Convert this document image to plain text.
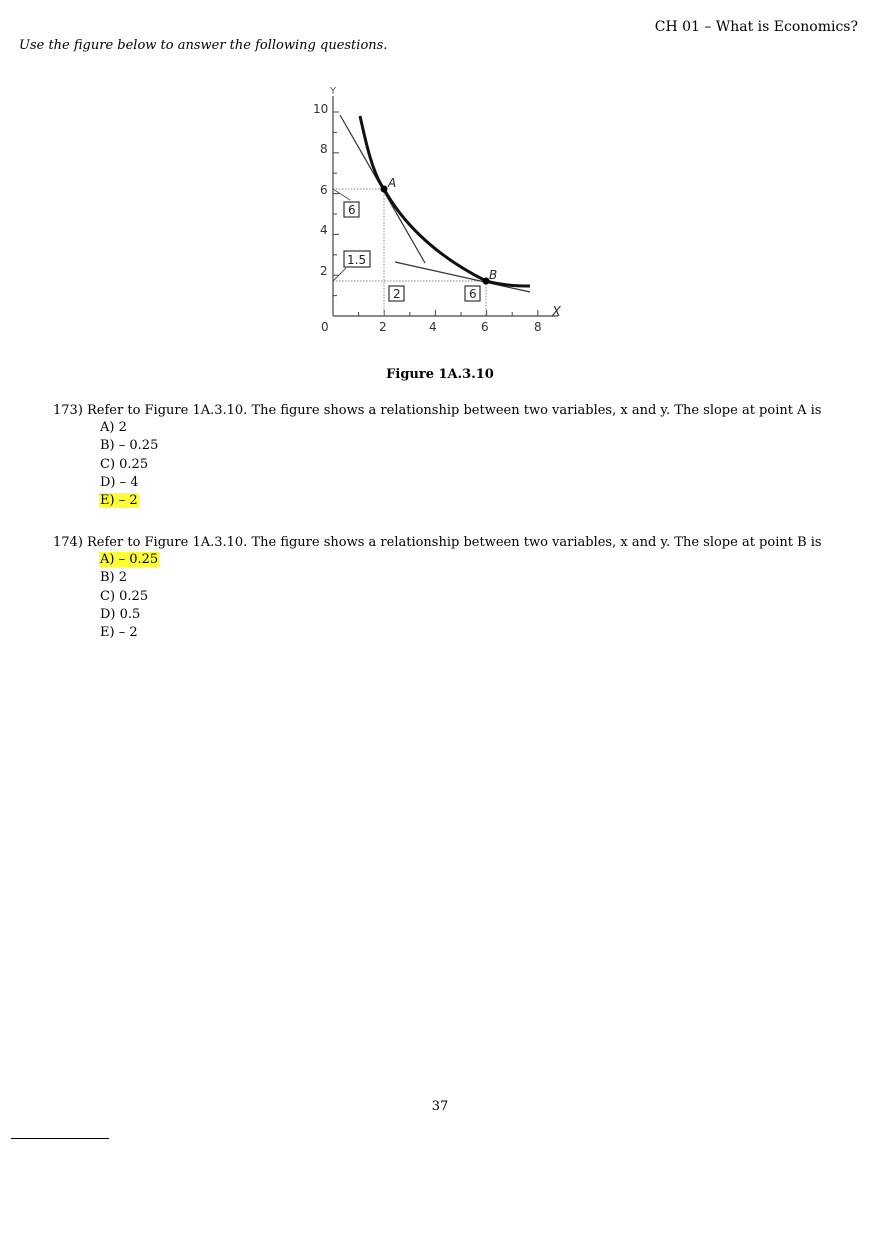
CH 01 – What is Economics?
Use the figure below to answer the following questions.
Y
X
0	2	4	6	8
2
4
6
8
10
A
B
6
1.5
2	6
Figure 1A.3.10
173) Refer to Figure 1A.3.10. The figure shows a relationship between two variables, x and y. The slope at point A is
A) 2
B) – 0.25
C) 0.25
D) – 4
E) – 2
174) Refer to Figure 1A.3.10. The figure shows a relationship between two variables, x and y. The slope at point B is
A) – 0.25
B) 2
C) 0.25
D) 0.5
E) – 2
37
